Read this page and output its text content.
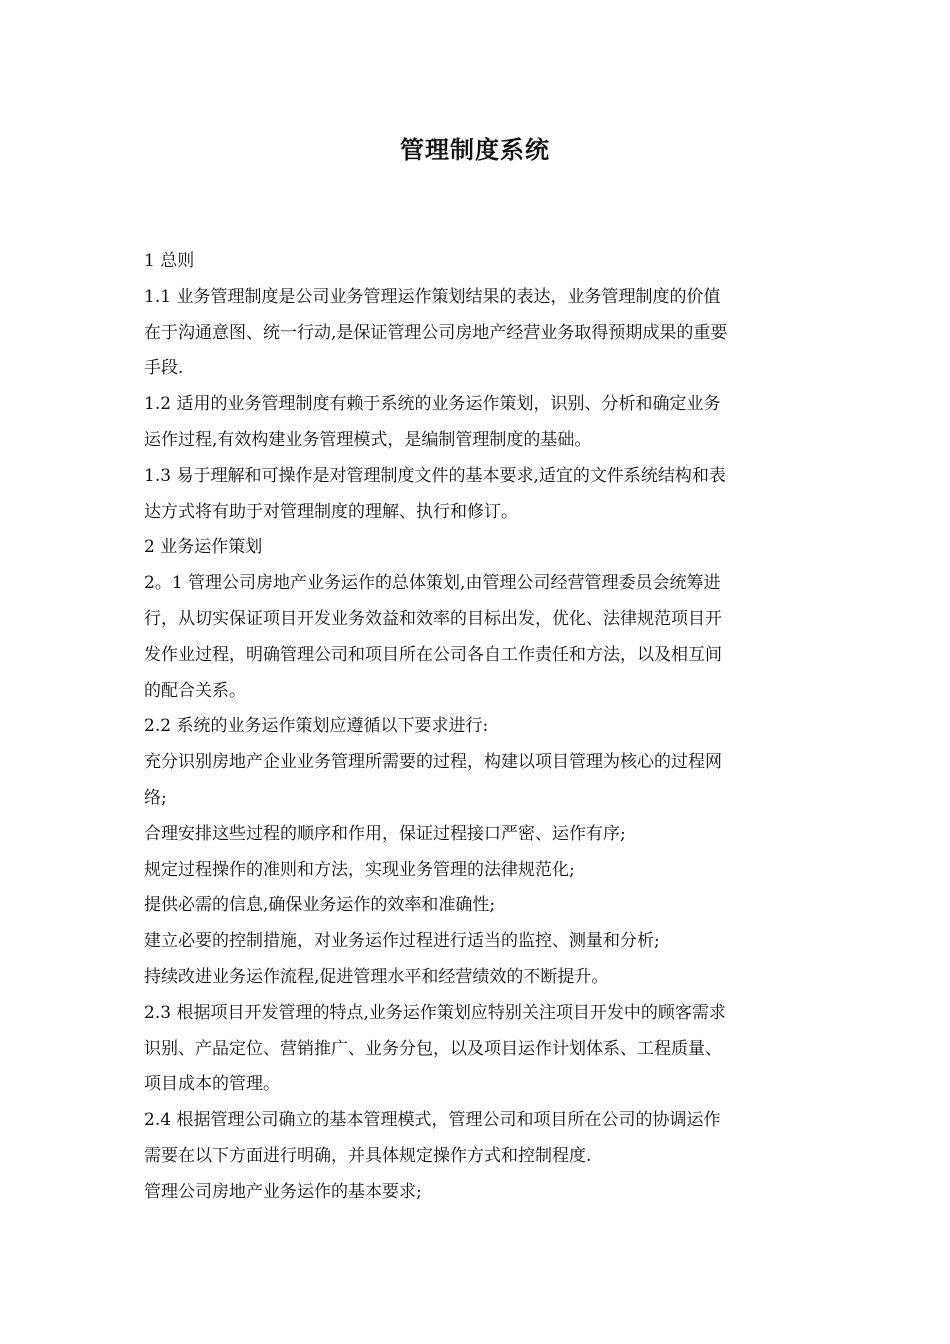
管理制度系统
1 总则
1.1 业务管理制度是公司业务管理运作策划结果的表达，业务管理制度的价值
在于沟通意图、统一行动,是保证管理公司房地产经营业务取得预期成果的重要
手段.
1.2 适用的业务管理制度有赖于系统的业务运作策划，识别、分析和确定业务
运作过程,有效构建业务管理模式，是编制管理制度的基础。
1.3 易于理解和可操作是对管理制度文件的基本要求,适宜的文件系统结构和表
达方式将有助于对管理制度的理解、执行和修订。
2 业务运作策划
2。1 管理公司房地产业务运作的总体策划,由管理公司经营管理委员会统筹进
行，从切实保证项目开发业务效益和效率的目标出发，优化、法律规范项目开
发作业过程，明确管理公司和项目所在公司各自工作责任和方法，以及相互间
的配合关系。
2.2 系统的业务运作策划应遵循以下要求进行:
充分识别房地产企业业务管理所需要的过程，构建以项目管理为核心的过程网
络;
合理安排这些过程的顺序和作用，保证过程接口严密、运作有序;
规定过程操作的准则和方法，实现业务管理的法律规范化;
提供必需的信息,确保业务运作的效率和准确性;
建立必要的控制措施，对业务运作过程进行适当的监控、测量和分析;
持续改进业务运作流程,促进管理水平和经营绩效的不断提升。
2.3 根据项目开发管理的特点,业务运作策划应特别关注项目开发中的顾客需求
识别、产品定位、营销推广、业务分包，以及项目运作计划体系、工程质量、
项目成本的管理。
2.4 根据管理公司确立的基本管理模式，管理公司和项目所在公司的协调运作
需要在以下方面进行明确，并具体规定操作方式和控制程度.
管理公司房地产业务运作的基本要求;
